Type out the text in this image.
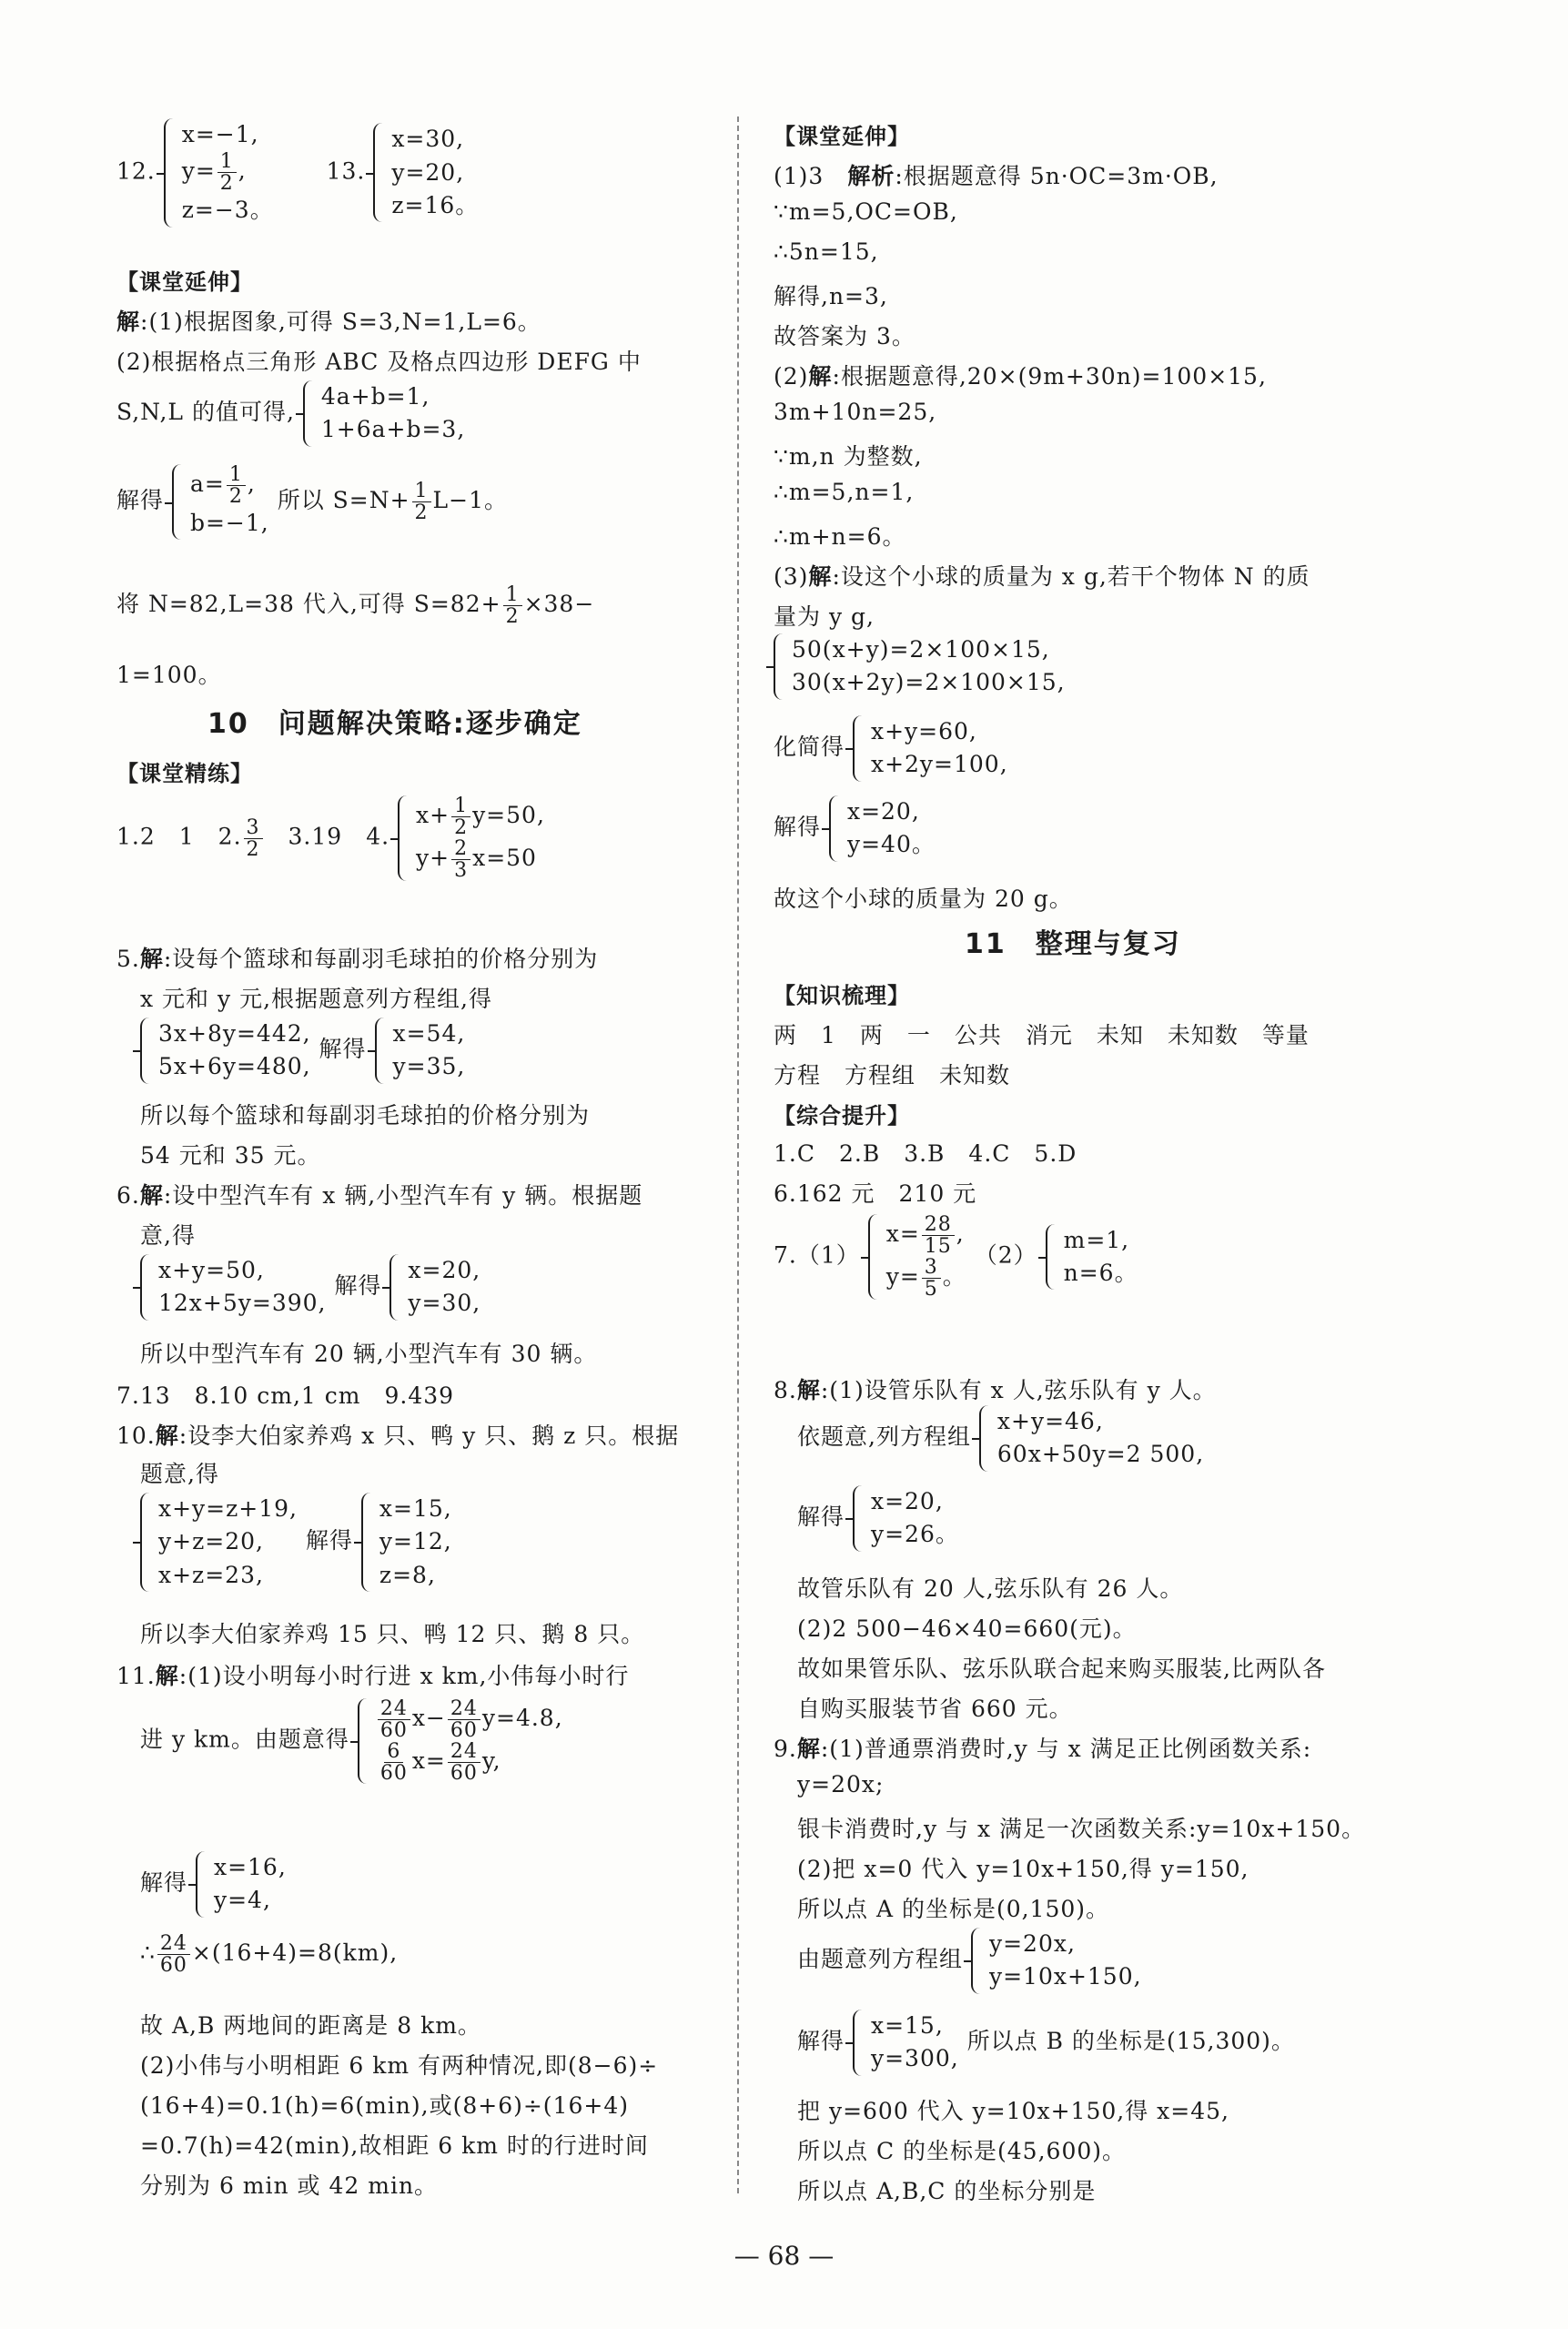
12.
x=−1,
$y= \frac{1}{2}$ ,
z=−3。
13.
x=30,
y=20,
z=16。
【课堂延伸】
解:(1)根据图象,可得 S=3,N=1,L=6。
(2)根据格点三角形 ABC 及格点四边形 DEFG 中
S,N,L 的值可得,
4a+b=1,
1+6a+b=3,
解得
$a= \frac{1}{2}$ ,
b=−1,
所以 $S=N+ \frac{1}{2} L-1$。
将 N=82,L=38 代入,可得 $S=82+ \frac{1}{2} \times 38-$
1=100。
10　问题解决策略:逐步确定
【课堂精练】
1.2　1　2. $\frac{3}{2}$ 　3.19　4.
$x+ \frac{1}{2} y=50$,
$y+ \frac{2}{3} x=50$
5.解:设每个篮球和每副羽毛球拍的价格分别为
x 元和 y 元,根据题意列方程组,得
3x+8y=442,
5x+6y=480,
解得
x=54,
y=35,
所以每个篮球和每副羽毛球拍的价格分别为
54 元和 35 元。
6.解:设中型汽车有 x 辆,小型汽车有 y 辆。根据题
意,得
x+y=50,
12x+5y=390,
解得
x=20,
y=30,
所以中型汽车有 20 辆,小型汽车有 30 辆。
7.13　8.10 cm,1 cm　9.439
10.解:设李大伯家养鸡 x 只、鸭 y 只、鹅 z 只。根据
题意,得
x+y=z+19,
y+z=20,
x+z=23,
解得
x=15,
y=12,
z=8,
所以李大伯家养鸡 15 只、鸭 12 只、鹅 8 只。
11.解:(1)设小明每小时行进 x km,小伟每小时行
进 y km。由题意得 $\frac{24}{60} x- \frac{24}{60} y=4.8$,
$\frac{6}{60} x= \frac{24}{60} y$,
解得
x=16,
y=4,
∴ $\frac{24}{60} \times(16+4)=8(km)$,
故 A,B 两地间的距离是 8 km。
(2)小伟与小明相距 6 km 有两种情况,即(8−6)÷
(16+4)=0.1(h)=6(min),或(8+6)÷(16+4)
=0.7(h)=42(min),故相距 6 km 时的行进时间
分别为 6 min 或 42 min。
【课堂延伸】
(1)3　解析:根据题意得 5n·OC=3m·OB,
∵m=5,OC=OB,
∴5n=15,
解得,n=3,
故答案为 3。
(2)解:根据题意得,20×(9m+30n)=100×15,
3m+10n=25,
∵m,n 为整数,
∴m=5,n=1,
∴m+n=6。
(3)解:设这个小球的质量为 x g,若干个物体 N 的质
量为 y g,
50(x+y)=2×100×15,
30(x+2y)=2×100×15,
化简得
x+y=60,
x+2y=100,
解得
x=20,
y=40。
故这个小球的质量为 20 g。
11　整理与复习
【知识梳理】
两　1　两　一　公共　消元　未知　未知数　等量
方程　方程组　未知数
【综合提升】
1.C　2.B　3.B　4.C　5.D
6.162 元　210 元
7.（1）
$x= \frac{28}{15}$ ,
$y= \frac{3}{5}$ 。
（2）
m=1,
n=6。
8.解:(1)设管乐队有 x 人,弦乐队有 y 人。
依题意,列方程组
x+y=46,
60x+50y=2 500,
解得
x=20,
y=26。
故管乐队有 20 人,弦乐队有 26 人。
(2)2 500−46×40=660(元)。
故如果管乐队、弦乐队联合起来购买服装,比两队各
自购买服装节省 660 元。
9.解:(1)普通票消费时,y 与 x 满足正比例函数关系:
y=20x;
银卡消费时,y 与 x 满足一次函数关系:y=10x+150。
(2)把 x=0 代入 y=10x+150,得 y=150,
所以点 A 的坐标是(0,150)。
由题意列方程组
y=20x,
y=10x+150,
解得
x=15,
y=300,
所以点 B 的坐标是(15,300)。
把 y=600 代入 y=10x+150,得 x=45,
所以点 C 的坐标是(45,600)。
所以点 A,B,C 的坐标分别是
— 68 —
